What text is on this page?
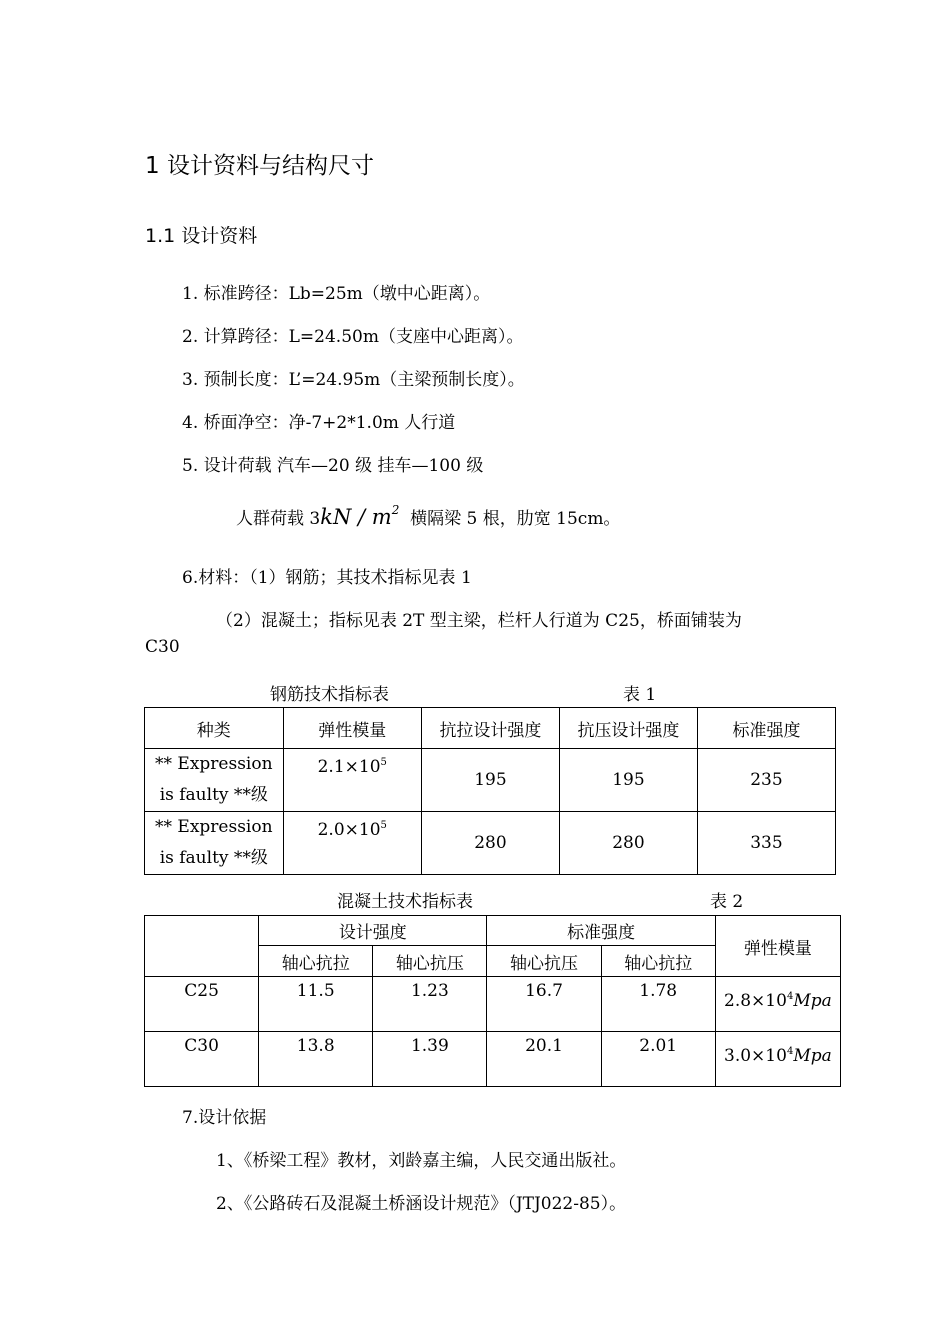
1 设计资料与结构尺寸
1.1 设计资料
1. 标准跨径：Lb=25m（墩中心距离）。
2. 计算跨径：L=24.50m（支座中心距离）。
3. 预制长度：L’=24.95m（主梁预制长度）。
4. 桥面净空：净-7+2*1.0m 人行道
5. 设计荷载 汽车—20 级 挂车—100 级
人群荷载 $3kN / m^2$  横隔梁 5 根，肋宽 15cm。
6.材料：（1）钢筋；其技术指标见表 1
（2）混凝土；指标见表 2T 型主梁，栏杆人行道为 C25，桥面铺装为
C30
钢筋技术指标表	表 1
种类	弹性模量	抗拉设计强度	抗压设计强度	标准强度

** Expression
is faulty **级	$2.1\times 10^5$	195	195	235

** Expression
is faulty **级	$2.0\times 10^5$	280	280	335
混凝土技术指标表	表 2
	设计强度		标准强度		弹性模量
	轴心抗拉	轴心抗压	轴心抗压	轴心抗拉	
C25	11.5	1.23	16.7	1.78	$2.8\times 10^4Mpa$
C30	13.8	1.39	20.1	2.01	$3.0\times 10^4Mpa$
7.设计依据
1、《桥梁工程》教材，刘龄嘉主编，人民交通出版社。
2、《公路砖石及混凝土桥涵设计规范》（JTJ022-85）。
